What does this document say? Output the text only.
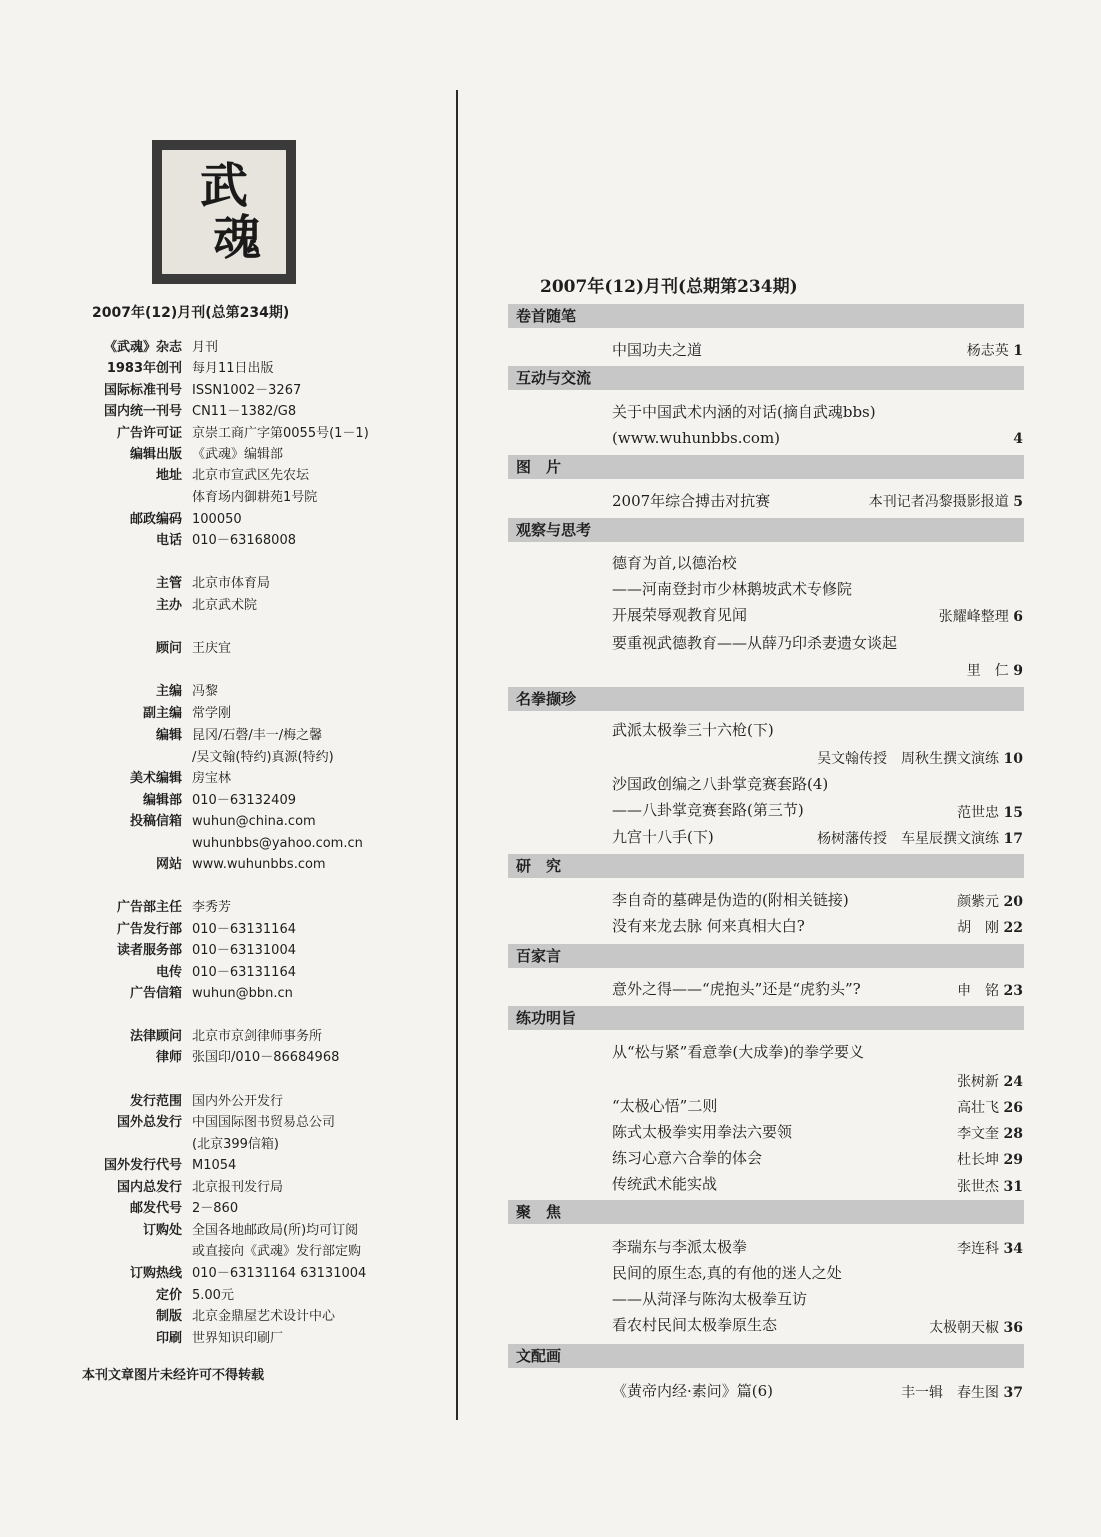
武
魂
2007年(12)月刊(总第234期)
《武魂》杂志 月刊
1983年创刊 每月11日出版
国际标准刊号 ISSN1002－3267
国内统一刊号 CN11－1382/G8
广告许可证 京崇工商广字第0055号(1－1)
编辑出版 《武魂》编辑部
地址 北京市宣武区先农坛
体育场内御耕苑1号院
邮政编码 100050
电话 010－63168008
主管 北京市体育局
主办 北京武术院
顾问 王庆宜
主编 冯黎
副主编 常学刚
编辑 昆冈/石磬/丰一/梅之馨
/吴文翰(特约)真源(特约)
美术编辑 房宝林
编辑部 010－63132409
投稿信箱 wuhun@china.com
wuhunbbs@yahoo.com.cn
网站 www.wuhunbbs.com
广告部主任 李秀芳
广告发行部 010－63131164
读者服务部 010－63131004
电传 010－63131164
广告信箱 wuhun@bbn.cn
法律顾问 北京市京剑律师事务所
律师 张国印/010－86684968
发行范围 国内外公开发行
国外总发行 中国国际图书贸易总公司
(北京399信箱)
国外发行代号 M1054
国内总发行 北京报刊发行局
邮发代号 2－860
订购处 全国各地邮政局(所)均可订阅
或直接向《武魂》发行部定购
订购热线 010－63131164 63131004
定价 5.00元
制版 北京金鼎屋艺术设计中心
印刷 世界知识印刷厂
本刊文章图片未经许可不得转载
2007年(12)月刊(总期第234期)
卷首随笔
中国功夫之道	杨志英 1
互动与交流
关于中国武术内涵的对话(摘自武魂bbs)
(www.wuhunbbs.com)	4
图　片
2007年综合搏击对抗赛	本刊记者冯黎摄影报道 5
观察与思考
德育为首,以德治校
——河南登封市少林鹅坡武术专修院
开展荣辱观教育见闻	张耀峰整理 6
要重视武德教育——从薛乃印杀妻遗女谈起
里　仁 9
名拳撷珍
武派太极拳三十六枪(下)
吴文翰传授　周秋生撰文演练 10
沙国政创编之八卦掌竞赛套路(4)
——八卦掌竞赛套路(第三节)	范世忠 15
九宫十八手(下)	杨树藩传授　车星辰撰文演练 17
研　究
李自奇的墓碑是伪造的(附相关链接)	颜紫元 20
没有来龙去脉 何来真相大白?	胡　刚 22
百家言
意外之得——“虎抱头”还是“虎豹头”?	申　铭 23
练功明旨
从“松与紧”看意拳(大成拳)的拳学要义
张树新 24
“太极心悟”二则	高壮飞 26
陈式太极拳实用拳法六要领	李文奎 28
练习心意六合拳的体会	杜长坤 29
传统武术能实战	张世杰 31
聚　焦
李瑞东与李派太极拳	李连科 34
民间的原生态,真的有他的迷人之处
——从菏泽与陈沟太极拳互访
看农村民间太极拳原生态	太极朝天椒 36
文配画
《黄帝内经·素问》篇(6)	丰一辑　春生图 37
